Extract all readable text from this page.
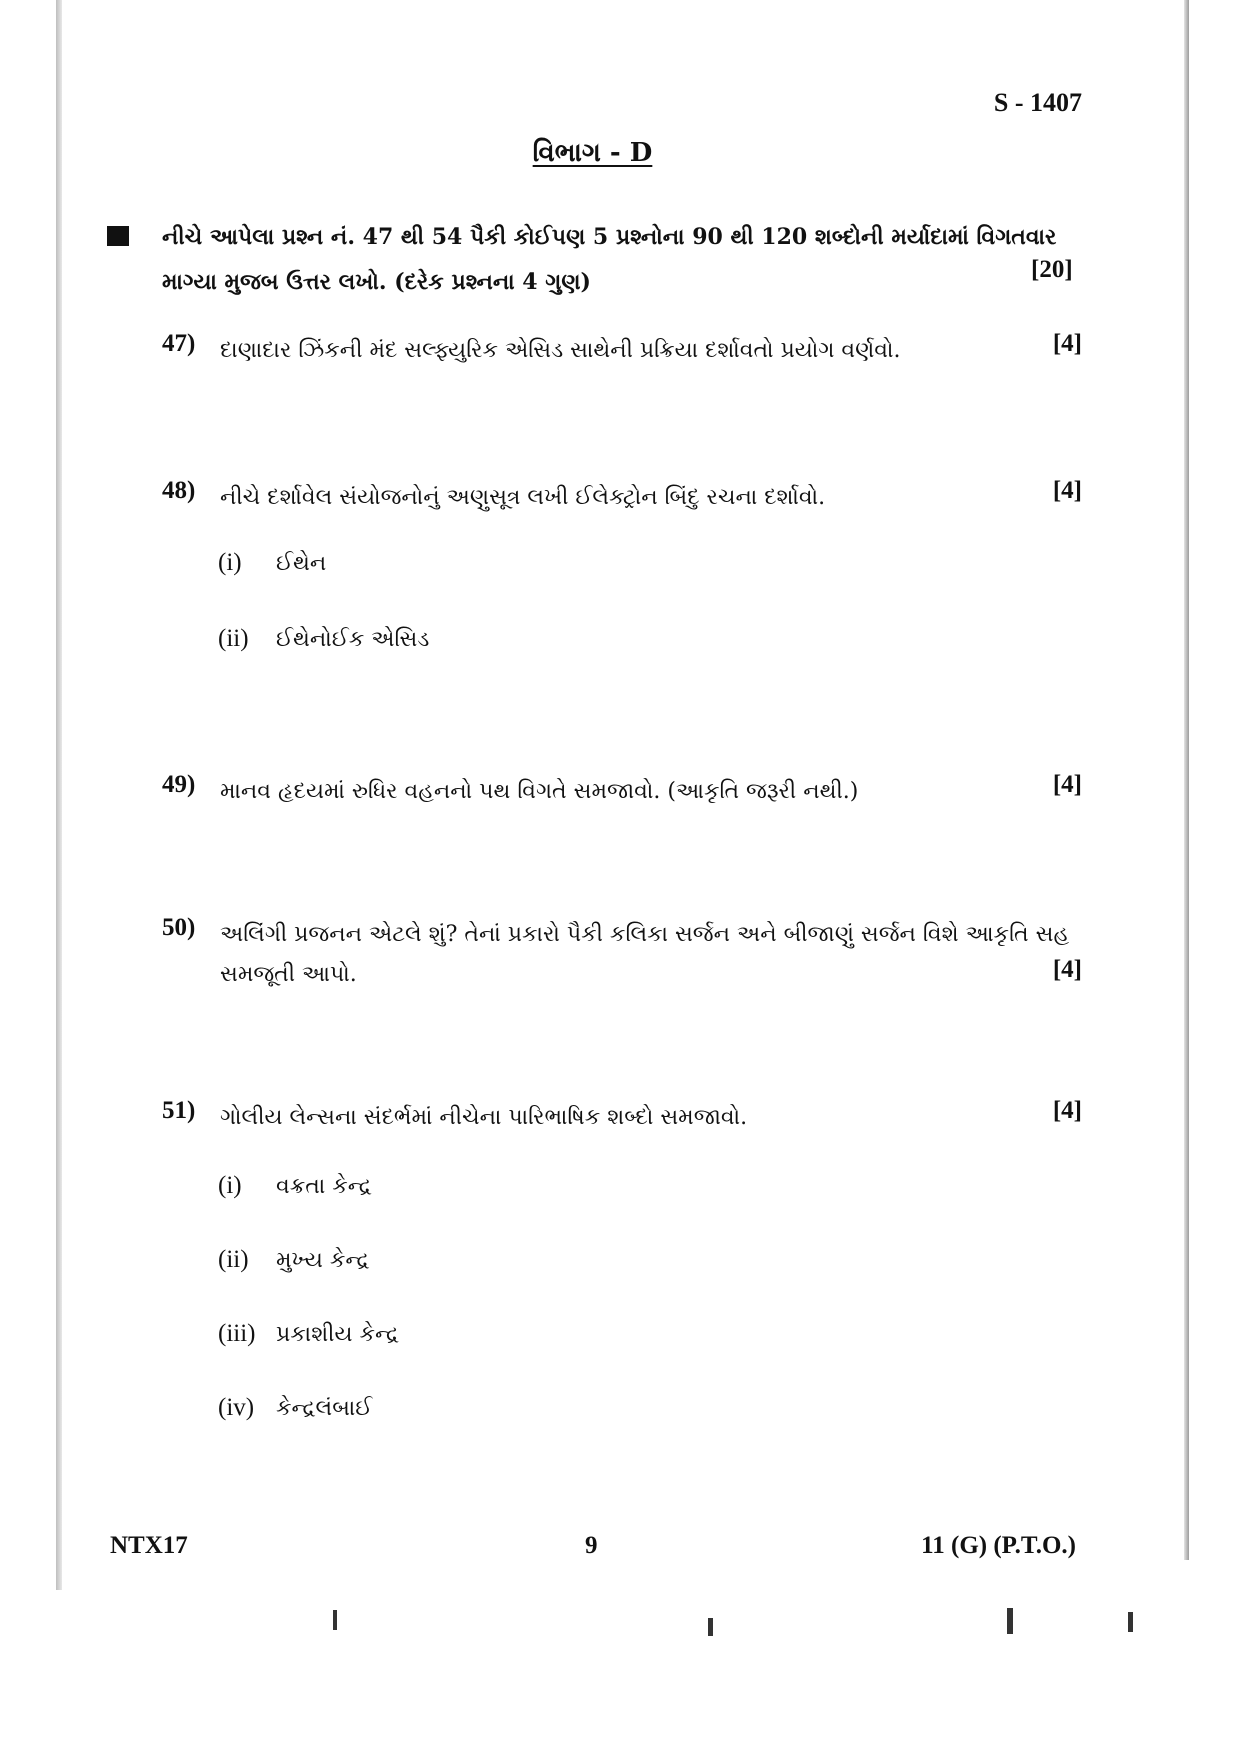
S - 1407
વિભાગ - D
નીચે આપેલા પ્રશ્ન નં. 47 થી 54 પૈકી કોઈપણ 5 પ્રશ્નોના 90 થી 120 શબ્દોની મર્યાદામાં વિગતવાર માગ્યા મુજબ ઉત્તર લખો. (દરેક પ્રશ્નના 4 ગુણ)	[20]
47) દાણાદાર ઝિંકની મંદ સલ્ફ્યુરિક એસિડ સાથેની પ્રક્રિયા દર્શાવતો પ્રયોગ વર્ણવો.	[4]
48) નીચે દર્શાવેલ સંયોજનોનું અણુસૂત્ર લખી ઈલેક્ટ્રોન બિંદુ રચના દર્શાવો.	[4]
(i) ઈથેન
(ii) ઈથેનોઈક એસિડ
49) માનવ હૃદયમાં રુધિર વહનનો પથ વિગતે સમજાવો. (આકૃતિ જરૂરી નથી.)	[4]
50) અલિંગી પ્રજનન એટલે શું? તેનાં પ્રકારો પૈકી કલિકા સર્જન અને બીજાણું સર્જન વિશે આકૃતિ સહ સમજૂતી આપો.	[4]
51) ગોલીય લેન્સના સંદર્ભમાં નીચેના પારિભાષિક શબ્દો સમજાવો.	[4]
(i) વક્રતા કેન્દ્ર
(ii) મુખ્ય કેન્દ્ર
(iii) પ્રકાશીય કેન્દ્ર
(iv) કેન્દ્રલંબાઈ
NTX17	9	11 (G) (P.T.O.)
